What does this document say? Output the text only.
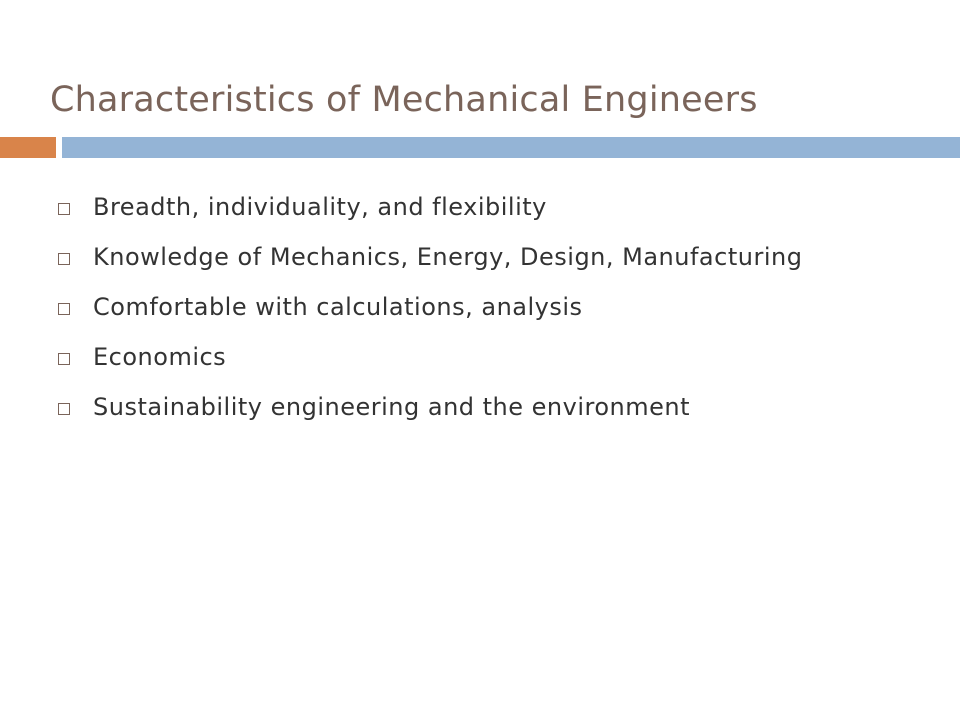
Characteristics of Mechanical Engineers
Breadth, individuality, and flexibility
Knowledge of Mechanics, Energy, Design, Manufacturing
Comfortable with calculations, analysis
Economics
Sustainability engineering and the environment
